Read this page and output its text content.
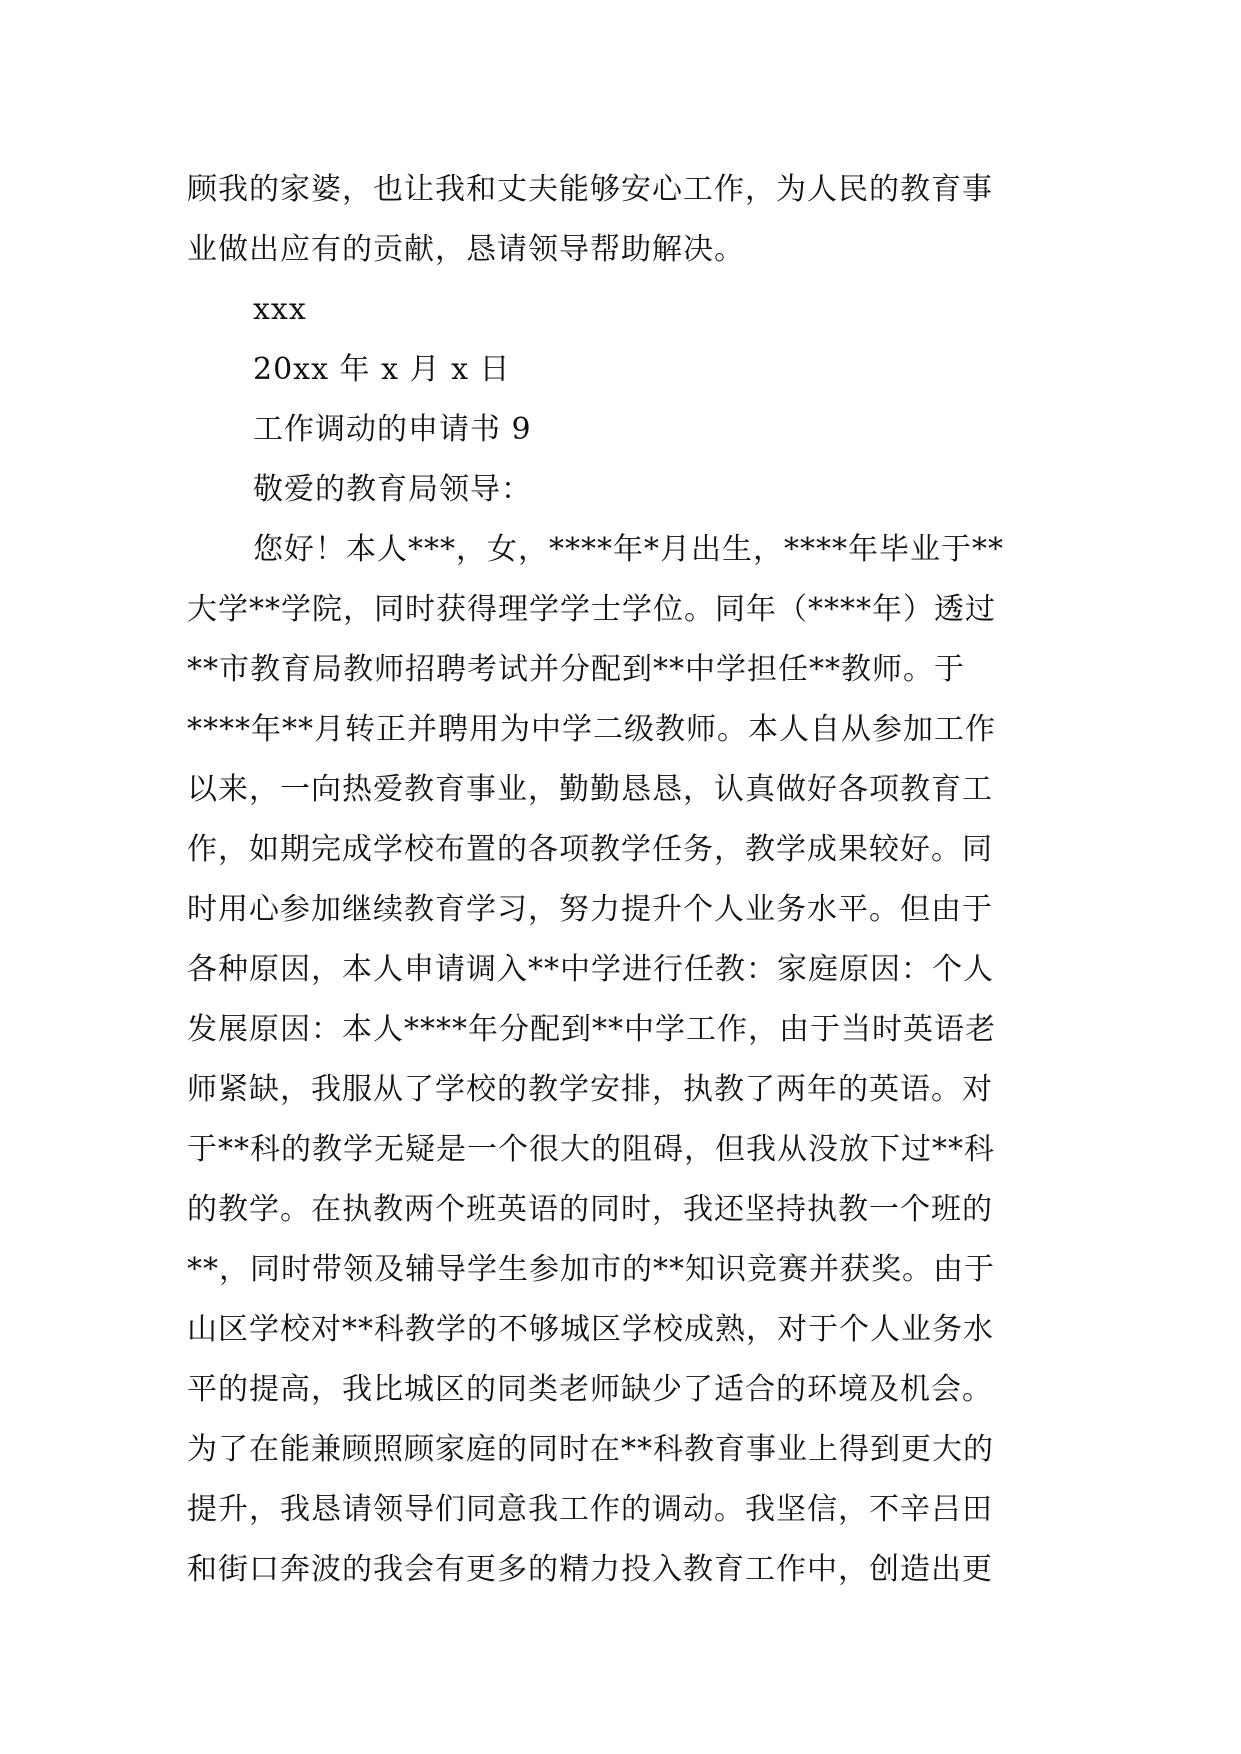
顾我的家婆，也让我和丈夫能够安心工作，为人民的教育事
业做出应有的贡献，恳请领导帮助解决。
xxx
20xx 年 x 月 x 日
工作调动的申请书 9
敬爱的教育局领导：
您好！本人***，女，****年*月出生，****年毕业于**
大学**学院，同时获得理学学士学位。同年（****年）透过
**市教育局教师招聘考试并分配到**中学担任**教师。于
****年**月转正并聘用为中学二级教师。本人自从参加工作
以来，一向热爱教育事业，勤勤恳恳，认真做好各项教育工
作，如期完成学校布置的各项教学任务，教学成果较好。同
时用心参加继续教育学习，努力提升个人业务水平。但由于
各种原因，本人申请调入**中学进行任教：家庭原因：个人
发展原因：本人****年分配到**中学工作，由于当时英语老
师紧缺，我服从了学校的教学安排，执教了两年的英语。对
于**科的教学无疑是一个很大的阻碍，但我从没放下过**科
的教学。在执教两个班英语的同时，我还坚持执教一个班的
**，同时带领及辅导学生参加市的**知识竞赛并获奖。由于
山区学校对**科教学的不够城区学校成熟，对于个人业务水
平的提高，我比城区的同类老师缺少了适合的环境及机会。
为了在能兼顾照顾家庭的同时在**科教育事业上得到更大的
提升，我恳请领导们同意我工作的调动。我坚信，不辛吕田
和街口奔波的我会有更多的精力投入教育工作中，创造出更
